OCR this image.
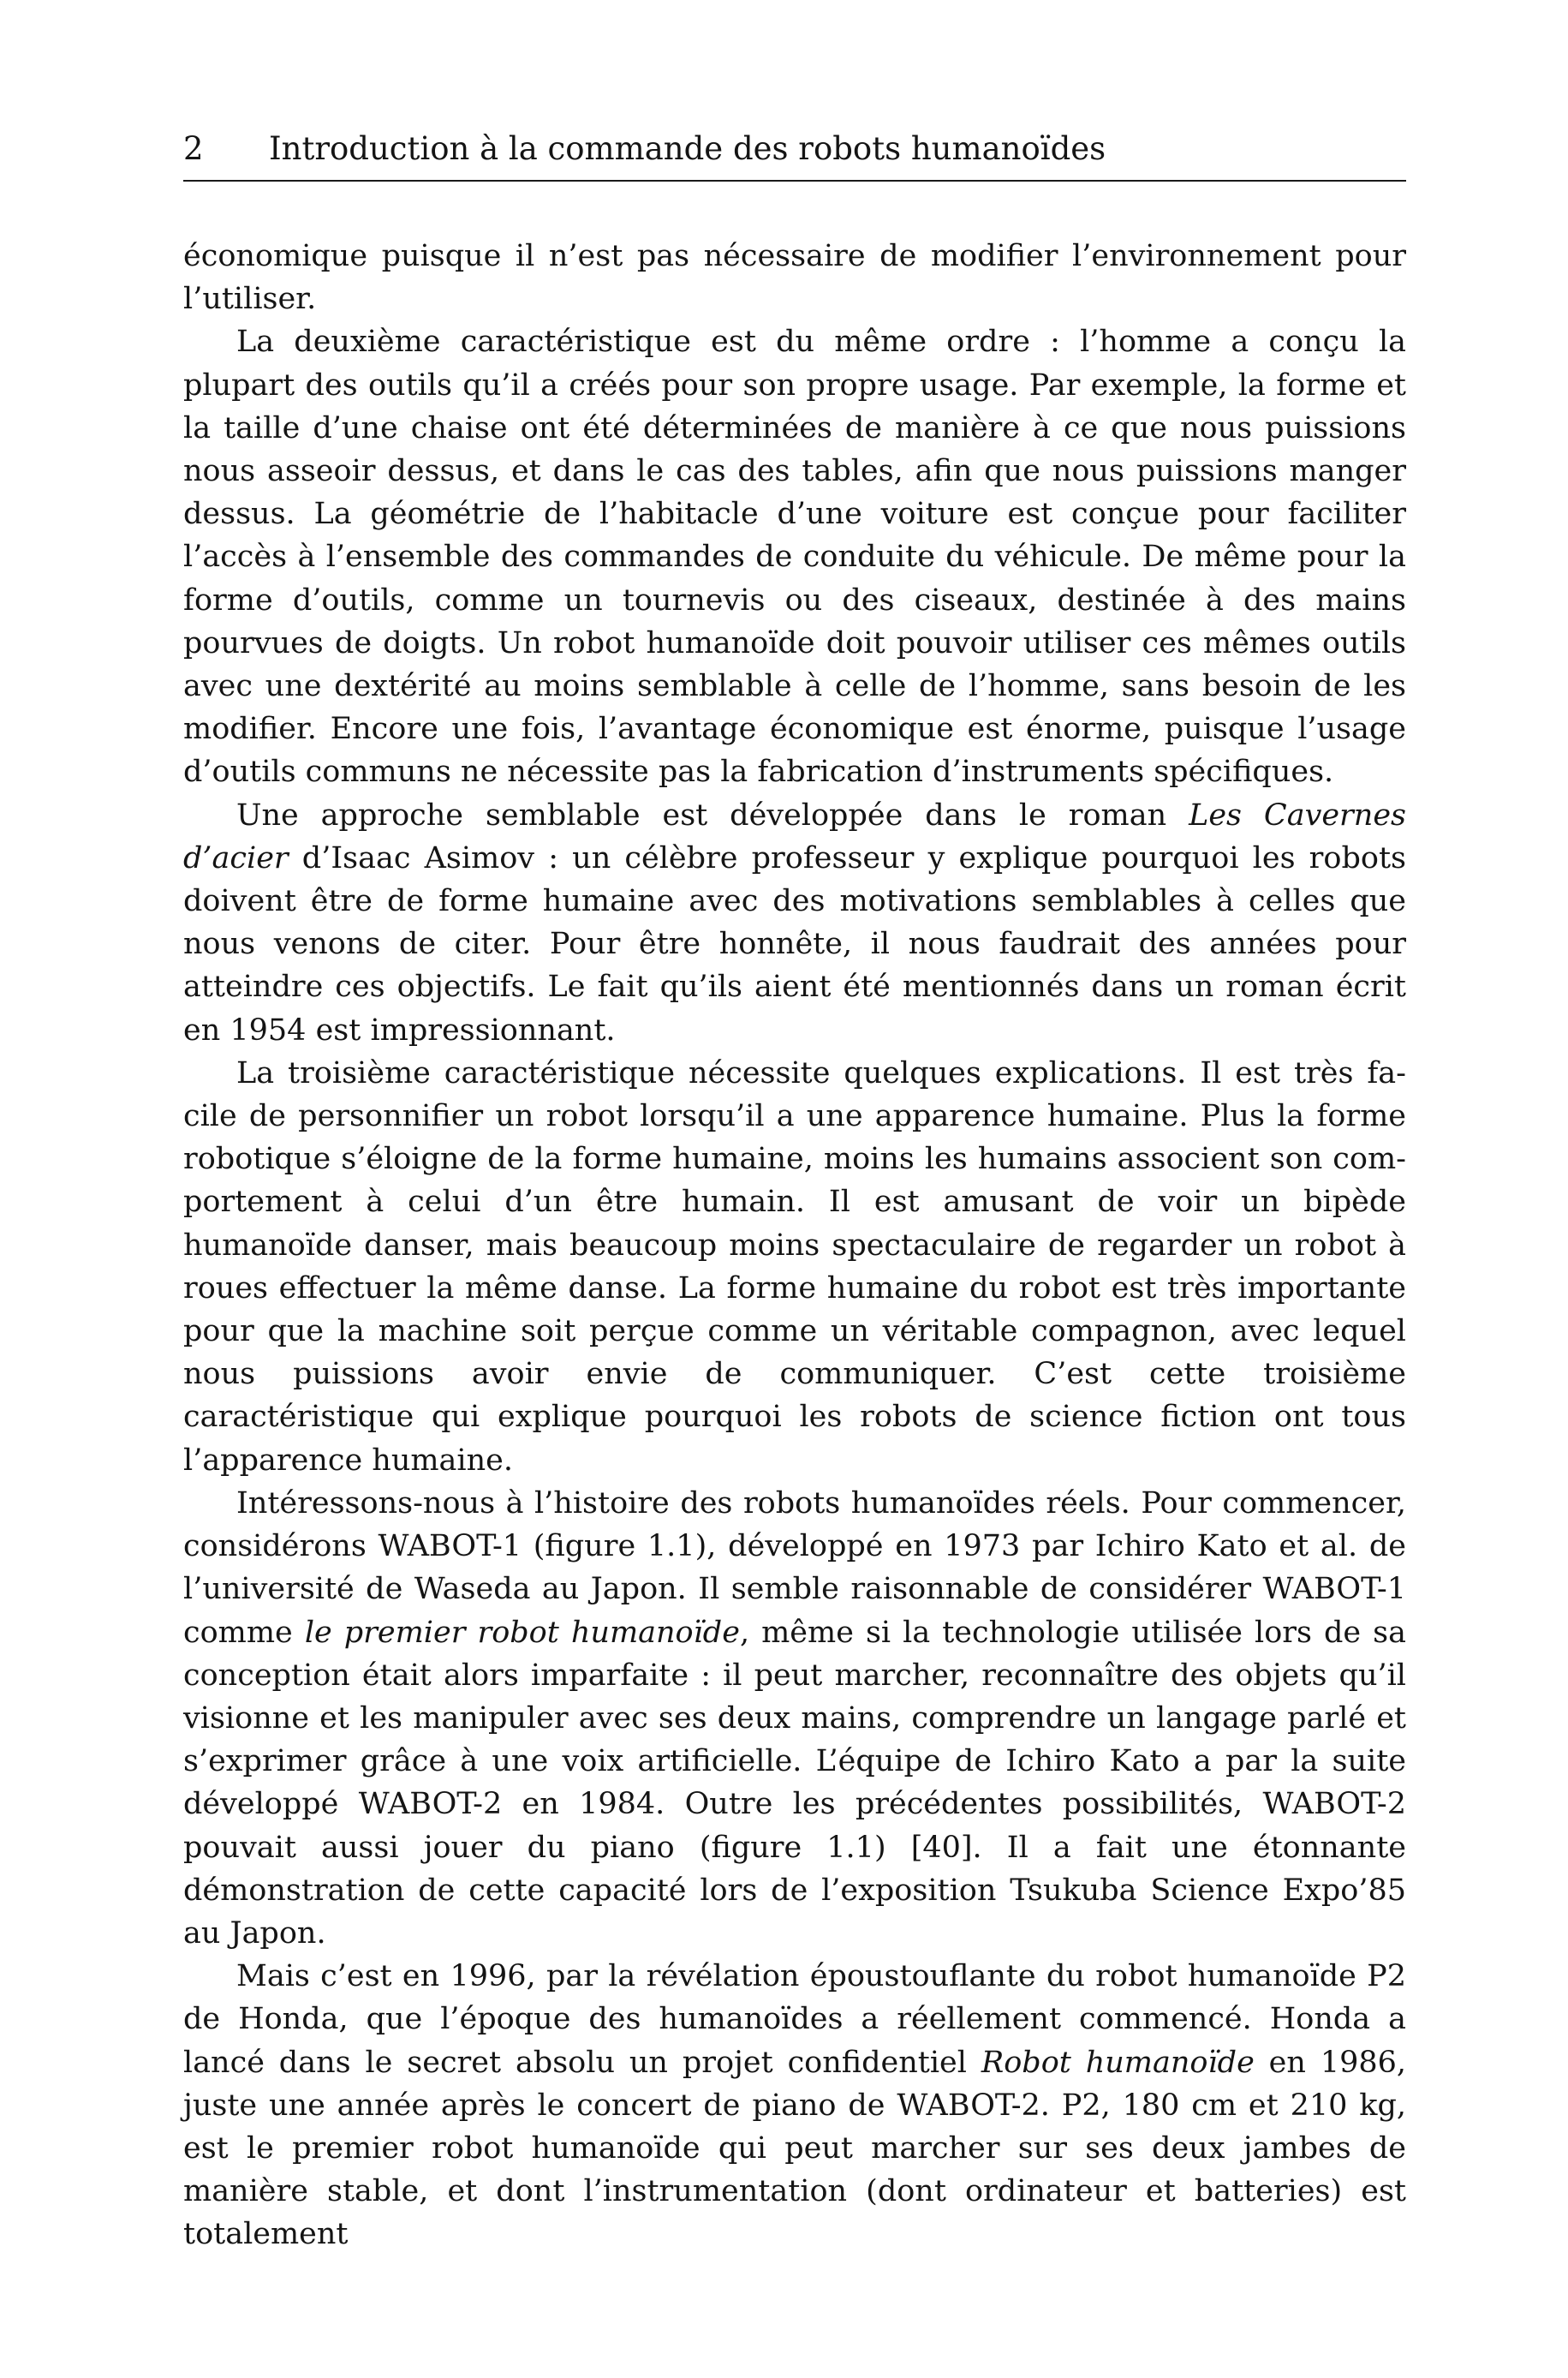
2	Introduction à la commande des robots humanoïdes

économique puisque il n’est pas nécessaire de modifier l’environnement pour l’utiliser.

La deuxième caractéristique est du même ordre : l’homme a conçu la plupart des outils qu’il a créés pour son propre usage. Par exemple, la forme et la taille d’une chaise ont été déterminées de manière à ce que nous puissions nous asseoir dessus, et dans le cas des tables, afin que nous puissions manger dessus. La géométrie de l’habitacle d’une voiture est conçue pour faciliter l’accès à l’ensemble des commandes de conduite du véhicule. De même pour la forme d’outils, comme un tournevis ou des ciseaux, destinée à des mains pourvues de doigts. Un robot humanoïde doit pouvoir utiliser ces mêmes outils avec une dextérité au moins semblable à celle de l’homme, sans besoin de les modifier. Encore une fois, l’avantage économique est énorme, puisque l’usage d’outils communs ne nécessite pas la fabrication d’instruments spécifiques.

Une approche semblable est développée dans le roman Les Cavernes d’acier d’Isaac Asimov : un célèbre professeur y explique pourquoi les robots doivent être de forme humaine avec des motivations semblables à celles que nous venons de citer. Pour être honnête, il nous faudrait des années pour atteindre ces objectifs. Le fait qu’ils aient été mentionnés dans un roman écrit en 1954 est impressionnant.

La troisième caractéristique nécessite quelques explications. Il est très facile de personnifier un robot lorsqu’il a une apparence humaine. Plus la forme robotique s’éloigne de la forme humaine, moins les humains associent son comportement à celui d’un être humain. Il est amusant de voir un bipède humanoïde danser, mais beaucoup moins spectaculaire de regarder un robot à roues effectuer la même danse. La forme humaine du robot est très importante pour que la machine soit perçue comme un véritable compagnon, avec lequel nous puissions avoir envie de communiquer. C’est cette troisième caractéristique qui explique pourquoi les robots de science fiction ont tous l’apparence humaine.

Intéressons-nous à l’histoire des robots humanoïdes réels. Pour commencer, considérons WABOT-1 (figure 1.1), développé en 1973 par Ichiro Kato et al. de l’université de Waseda au Japon. Il semble raisonnable de considérer WABOT-1 comme le premier robot humanoïde, même si la technologie utilisée lors de sa conception était alors imparfaite : il peut marcher, reconnaître des objets qu’il visionne et les manipuler avec ses deux mains, comprendre un langage parlé et s’exprimer grâce à une voix artificielle. L’équipe de Ichiro Kato a par la suite développé WABOT-2 en 1984. Outre les précédentes possibilités, WABOT-2 pouvait aussi jouer du piano (figure 1.1) [40]. Il a fait une étonnante démonstration de cette capacité lors de l’exposition Tsukuba Science Expo’85 au Japon.

Mais c’est en 1996, par la révélation époustouflante du robot humanoïde P2 de Honda, que l’époque des humanoïdes a réellement commencé. Honda a lancé dans le secret absolu un projet confidentiel Robot humanoïde en 1986, juste une année après le concert de piano de WABOT-2. P2, 180 cm et 210 kg, est le premier robot humanoïde qui peut marcher sur ses deux jambes de manière stable, et dont l’instrumentation (dont ordinateur et batteries) est totalement
